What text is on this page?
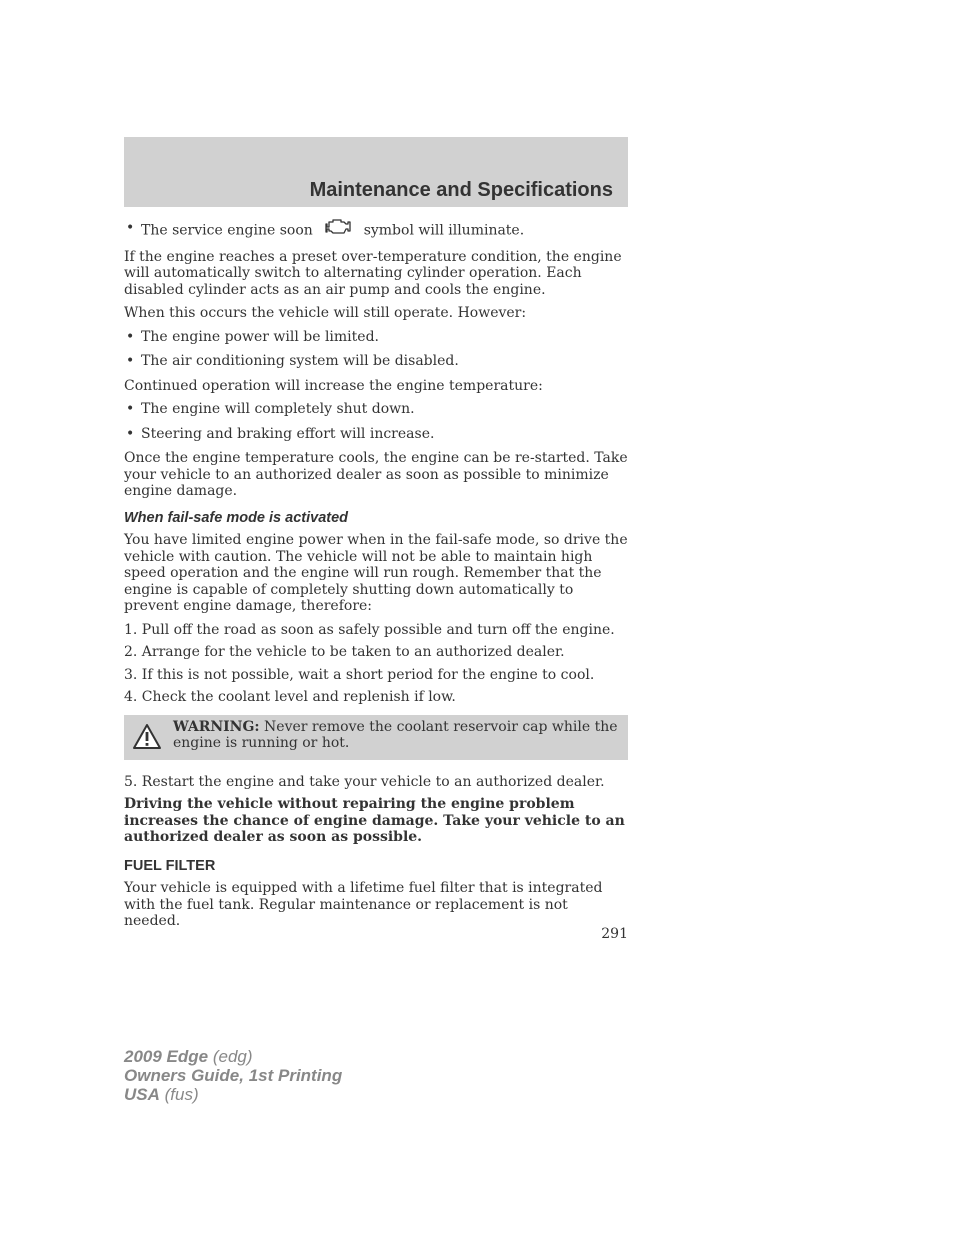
Maintenance and Specifications
• The service engine soon	symbol will illuminate.

If the engine reaches a preset over-temperature condition, the engine will automatically switch to alternating cylinder operation. Each disabled cylinder acts as an air pump and cools the engine.

When this occurs the vehicle will still operate. However:

• The engine power will be limited.
• The air conditioning system will be disabled.

Continued operation will increase the engine temperature:

• The engine will completely shut down.
• Steering and braking effort will increase.

Once the engine temperature cools, the engine can be re-started. Take your vehicle to an authorized dealer as soon as possible to minimize engine damage.

When fail-safe mode is activated

You have limited engine power when in the fail-safe mode, so drive the vehicle with caution. The vehicle will not be able to maintain high speed operation and the engine will run rough. Remember that the engine is capable of completely shutting down automatically to prevent engine damage, therefore:

1. Pull off the road as soon as safely possible and turn off the engine.
2. Arrange for the vehicle to be taken to an authorized dealer.
3. If this is not possible, wait a short period for the engine to cool.
4. Check the coolant level and replenish if low.
WARNING: Never remove the coolant reservoir cap while the engine is running or hot.
5. Restart the engine and take your vehicle to an authorized dealer.

Driving the vehicle without repairing the engine problem increases the chance of engine damage. Take your vehicle to an authorized dealer as soon as possible.

FUEL FILTER

Your vehicle is equipped with a lifetime fuel filter that is integrated with the fuel tank. Regular maintenance or replacement is not needed.

291
2009 Edge (edg)
Owners Guide, 1st Printing
USA (fus)
